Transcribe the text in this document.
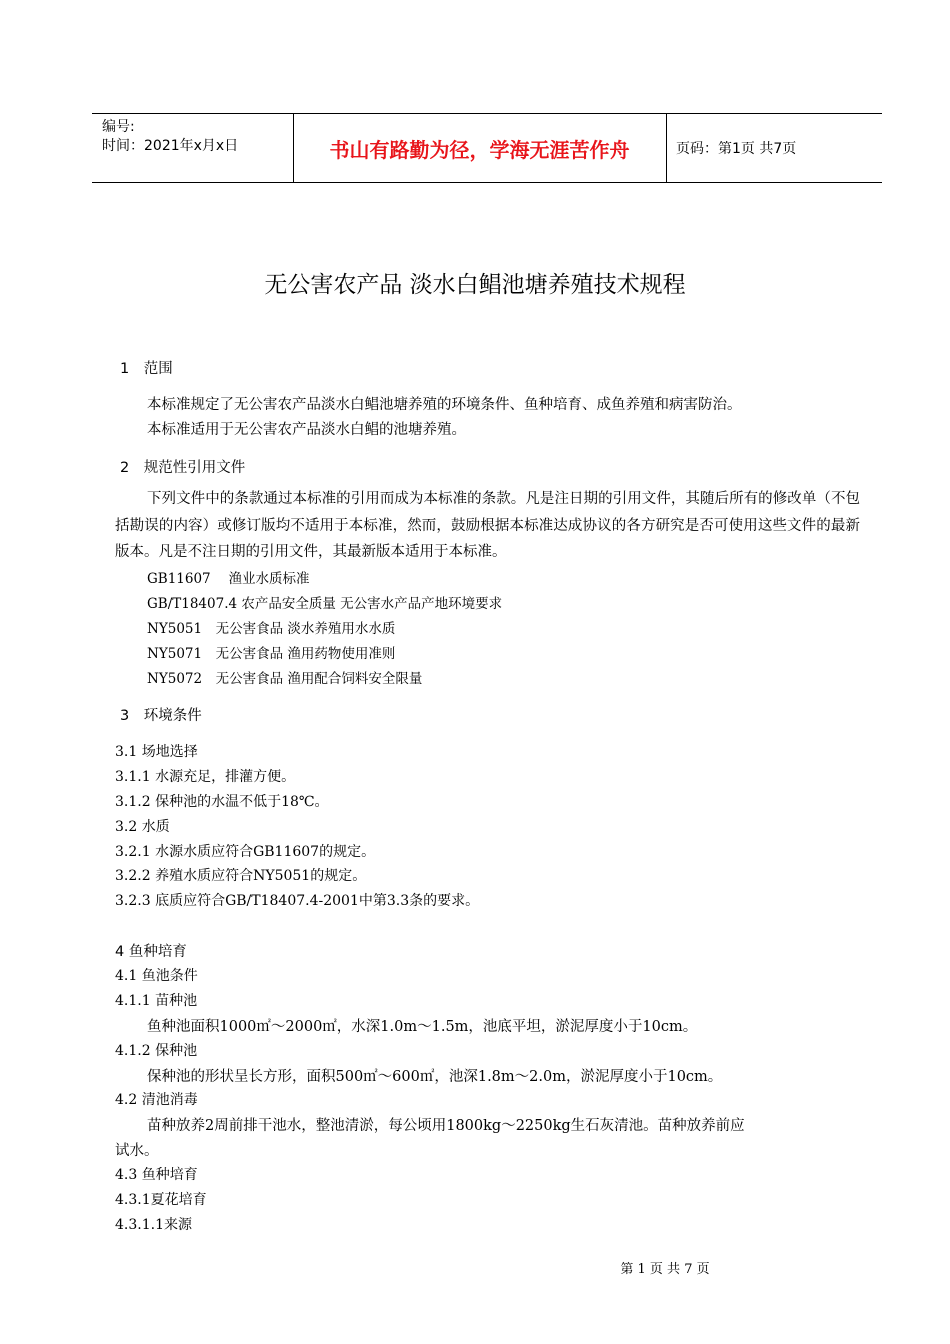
编号:
时间：2021年x月x日	书山有路勤为径，学海无涯苦作舟	页码：第1页 共7页
无公害农产品 淡水白鲳池塘养殖技术规程
1　范围
本标准规定了无公害农产品淡水白鲳池塘养殖的环境条件、鱼种培育、成鱼养殖和病害防治。
本标准适用于无公害农产品淡水白鲳的池塘养殖。
2　规范性引用文件
下列文件中的条款通过本标准的引用而成为本标准的条款。凡是注日期的引用文件，其随后所有的修改单（不包括勘误的内容）或修订版均不适用于本标准，然而，鼓励根据本标准达成协议的各方研究是否可使用这些文件的最新版本。凡是不注日期的引用文件，其最新版本适用于本标准。
GB11607　 渔业水质标准
GB/T18407.4 农产品安全质量 无公害水产品产地环境要求
NY5051　无公害食品 淡水养殖用水水质
NY5071　无公害食品 渔用药物使用准则
NY5072　无公害食品 渔用配合饲料安全限量
3　环境条件
3.1 场地选择
3.1.1 水源充足，排灌方便。
3.1.2 保种池的水温不低于18℃。
3.2 水质
3.2.1 水源水质应符合GB11607的规定。
3.2.2 养殖水质应符合NY5051的规定。
3.2.3 底质应符合GB/T18407.4-2001中第3.3条的要求。
4 鱼种培育
4.1 鱼池条件
4.1.1 苗种池
鱼种池面积1000㎡～2000㎡，水深1.0m～1.5m，池底平坦，淤泥厚度小于10cm。
4.1.2 保种池
保种池的形状呈长方形，面积500㎡～600㎡，池深1.8m～2.0m，淤泥厚度小于10cm。
4.2 清池消毒
苗种放养2周前排干池水，整池清淤，每公顷用1800kg～2250kg生石灰清池。苗种放养前应
试水。
4.3 鱼种培育
4.3.1夏花培育
4.3.1.1来源
第 1 页 共 7 页
